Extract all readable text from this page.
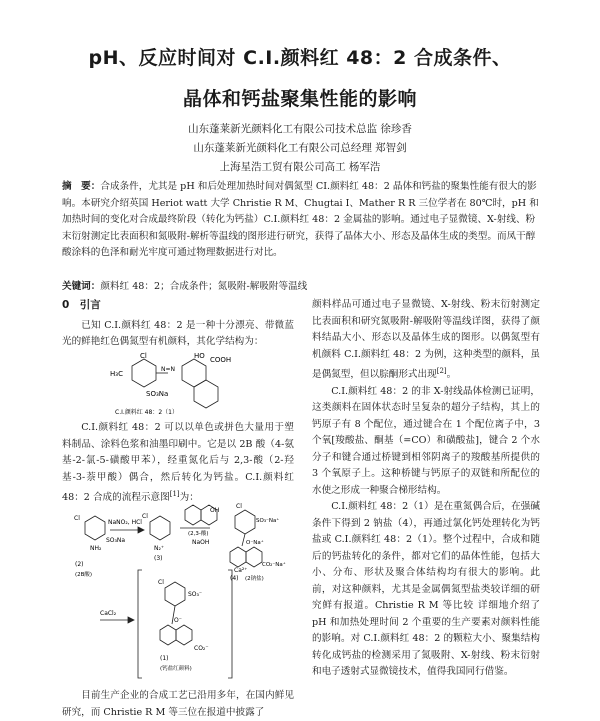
pH、反应时间对 C.I.颜料红 48：2 合成条件、
晶体和钙盐聚集性能的影响
山东蓬莱新光颜料化工有限公司技术总监 徐珍香
山东蓬莱新光颜料化工有限公司总经理 郑智剑
上海星浩工贸有限公司高工 杨军浩
摘　要：合成条件，尤其是 pH 和后处理加热时间对偶氮型 CI.颜料红 48：2 晶体和钙盐的聚集性能有很大的影响。本研究介绍英国 Heriot watt 大学 Christie R M、Chugtai I、Mather R R 三位学者在 80℃时，pH 和加热时间的变化对合成最终阶段（转化为钙盐）C.I.颜料红 48：2 金属盐的影响。通过电子显微镜、X-射线、粉末衍射测定比表面积和氮吸附-解析等温线的图形进行研究，获得了晶体大小、形态及晶体生成的类型。而凤干醇酸涂料的色泽和耐光牢度可通过物理数据进行对比。
关键词：颜料红 48：2；合成条件；氮吸附-解吸附等温线

0　引言

已知 C.I.颜料红 48：2 是一种十分漂亮、带微蓝光的鲜艳红色偶氮型有机颜料，其化学结构为：

H₃C
Cl
N=N
HO COOH
SO₃Na
C.I.颜料红 48：2（1）

C.I.颜料红 48：2 可以以单色或拼色大量用于塑料制品、涂料色浆和油墨印刷中。它是以 2B 酸（4-氨基-2-氯-5-磺酸甲苯），经重氮化后与 2,3-酸（2-羟基-3-萘甲酸）偶合，然后转化为钙盐。C.I.颜料红 48：2 合成的流程示意图[1]为：

Cl
NH₂
SO₃Na
(2)
(2B酸)
NaNO₂, HCl
N₂⁺
(3)
Cl
OH
(2,3-酸)
NaOH
SO₃⁻Na⁺
Cl
O⁻Na⁺
CO₂⁻Na⁺
(4) (2钠盐)
CaCl₂
Ca²⁺
Cl
SO₃⁻
O⁻
CO₂⁻
(1)
(钙盐红颜料)

目前生产企业的合成工艺已沿用多年，在国内鲜见研究，而 Christie R M 等三位在报道中披露了

颜料样品可通过电子显微镜、X-射线、粉末衍射测定比表面积和研究氮吸附-解吸附等温线详图，获得了颜料结晶大小、形态以及晶体生成的图形。以偶氮型有机颜料 C.I.颜料红 48：2 为例，这种类型的颜料，虽是偶氮型，但以腙酮形式出现[2]。

C.I.颜料红 48：2 的非 X-射线晶体检测已证明，这类颜料在固体状态时呈复杂的超分子结构，其上的钙原子有 8 个配位，通过键合在 1 个配位离子中，3 个氧[羧酸盐、酮基（=CO）和磺酸盐]，键合 2 个水分子和键合通过桥键到相邻阴离子的羧酸基所提供的 3 个氧原子上。这种桥键与钙原子的双链和所配位的水使之形成一种聚合梯形结构。

C.I.颜料红 48：2（1）是在重氮偶合后，在强碱条件下得到 2 钠盐（4），再通过氯化钙处理转化为钙盐或 C.I.颜料红 48：2（1）。整个过程中，合成和随后的钙盐转化的条件，都对它们的晶体性能，包括大小、分布、形状及聚合体结构均有很大的影响。此前，对这种颜料，尤其是金属偶氮型盐类较详细的研究鲜有报道。Christie R M 等比较 详细地介绍了 pH 和加热处理时间 2 个重要的生产要素对颜料性能的影响。对 C.I.颜料红 48：2 的颗粒大小、聚集结构转化成钙盐的检测采用了氮吸附、X-射线、粉末衍射和电子透射式显微镜技术，值得我国同行借鉴。
